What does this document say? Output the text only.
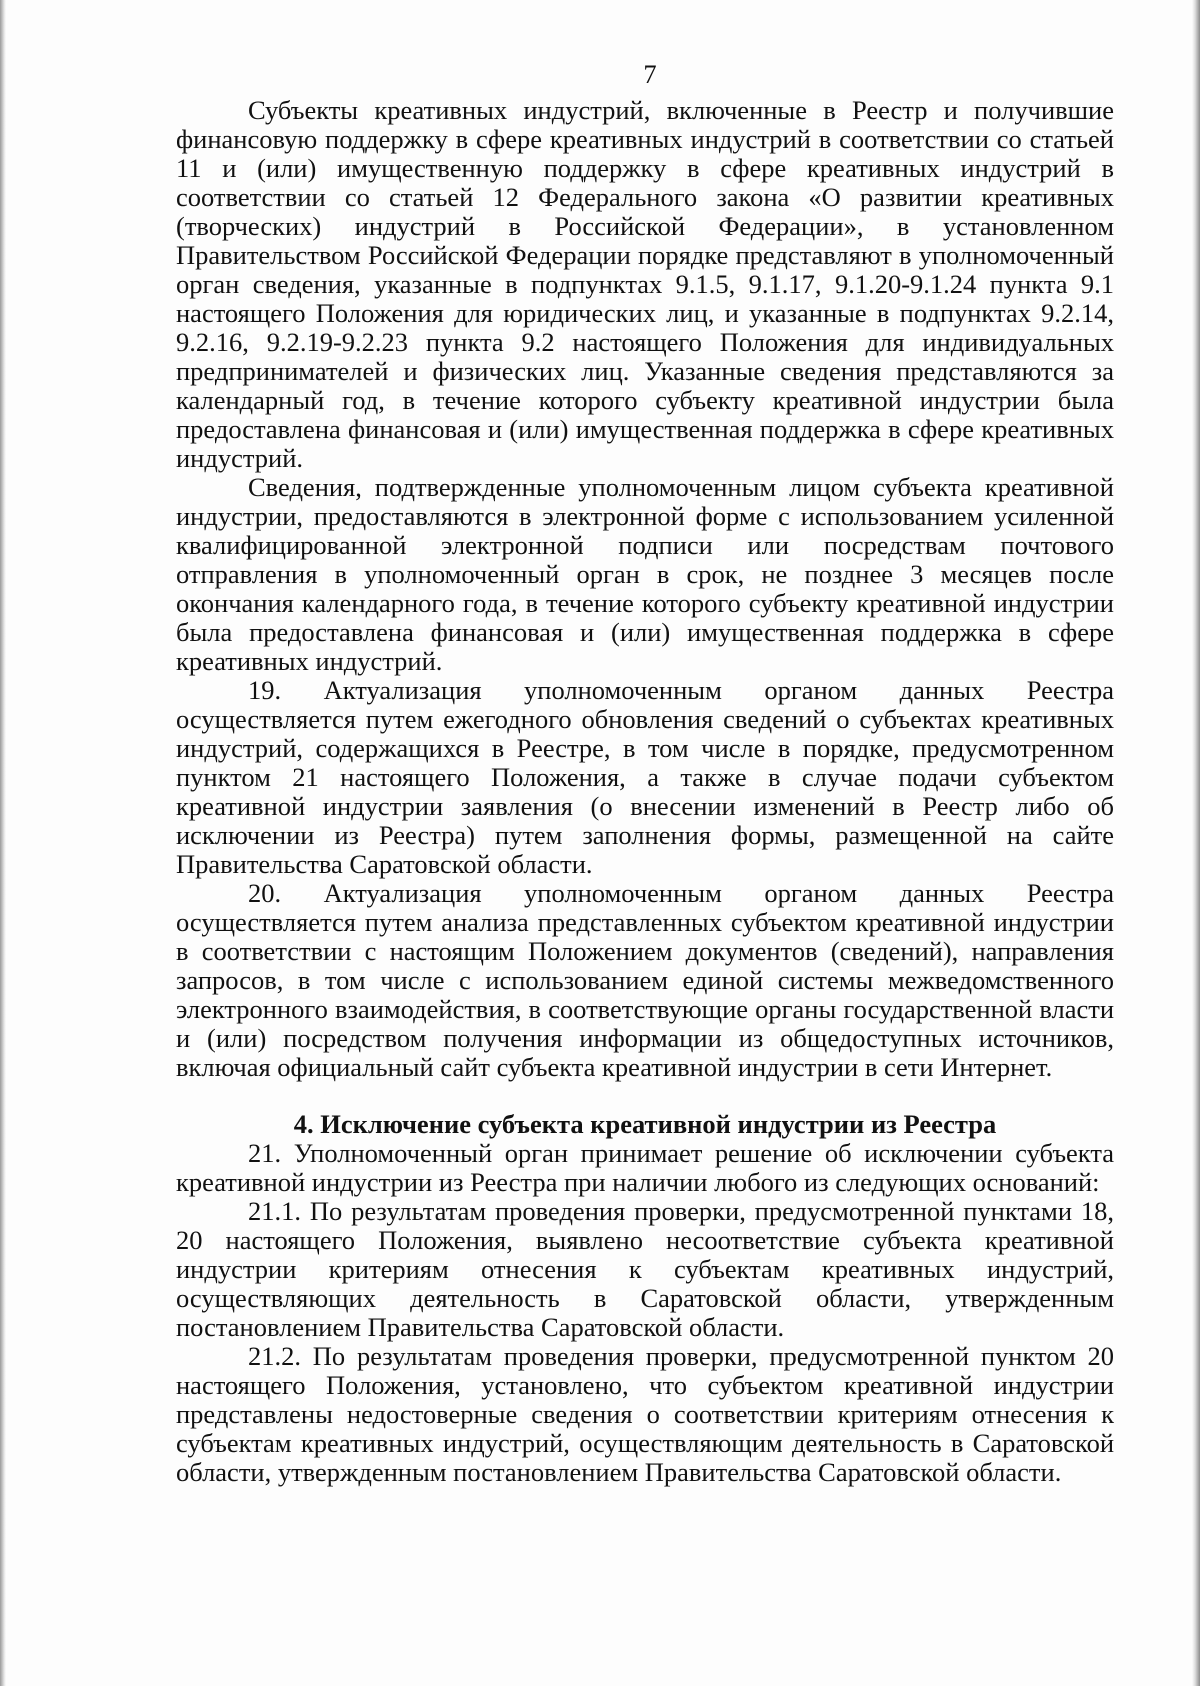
7

Субъекты креативных индустрий, включенные в Реестр и получившие финансовую поддержку в сфере креативных индустрий в соответствии со статьей 11 и (или) имущественную поддержку в сфере креативных индустрий в соответствии со статьей 12 Федерального закона «О развитии креативных (творческих) индустрий в Российской Федерации», в установленном Правительством Российской Федерации порядке представляют в уполномоченный орган сведения, указанные в подпунктах 9.1.5, 9.1.17, 9.1.20-9.1.24 пункта 9.1 настоящего Положения для юридических лиц, и указанные в подпунктах 9.2.14, 9.2.16, 9.2.19-9.2.23 пункта 9.2 настоящего Положения для индивидуальных предпринимателей и физических лиц. Указанные сведения представляются за календарный год, в течение которого субъекту креативной индустрии была предоставлена финансовая и (или) имущественная поддержка в сфере креативных индустрий.

Сведения, подтвержденные уполномоченным лицом субъекта креативной индустрии, предоставляются в электронной форме с использованием усиленной квалифицированной электронной подписи или посредствам почтового отправления в уполномоченный орган в срок, не позднее 3 месяцев после окончания календарного года, в течение которого субъекту креативной индустрии была предоставлена финансовая и (или) имущественная поддержка в сфере креативных индустрий.

19. Актуализация уполномоченным органом данных Реестра осуществляется путем ежегодного обновления сведений о субъектах креативных индустрий, содержащихся в Реестре, в том числе в порядке, предусмотренном пунктом 21 настоящего Положения, а также в случае подачи субъектом креативной индустрии заявления (о внесении изменений в Реестр либо об исключении из Реестра) путем заполнения формы, размещенной на сайте Правительства Саратовской области.

20. Актуализация уполномоченным органом данных Реестра осуществляется путем анализа представленных субъектом креативной индустрии в соответствии с настоящим Положением документов (сведений), направления запросов, в том числе с использованием единой системы межведомственного электронного взаимодействия, в соответствующие органы государственной власти и (или) посредством получения информации из общедоступных источников, включая официальный сайт субъекта креативной индустрии в сети Интернет.

4. Исключение субъекта креативной индустрии из Реестра

21. Уполномоченный орган принимает решение об исключении субъекта креативной индустрии из Реестра при наличии любого из следующих оснований:

21.1. По результатам проведения проверки, предусмотренной пунктами 18, 20 настоящего Положения, выявлено несоответствие субъекта креативной индустрии критериям отнесения к субъектам креативных индустрий, осуществляющих деятельность в Саратовской области, утвержденным постановлением Правительства Саратовской области.

21.2. По результатам проведения проверки, предусмотренной пунктом 20 настоящего Положения, установлено, что субъектом креативной индустрии представлены недостоверные сведения о соответствии критериям отнесения к субъектам креативных индустрий, осуществляющим деятельность в Саратовской области, утвержденным постановлением Правительства Саратовской области.
